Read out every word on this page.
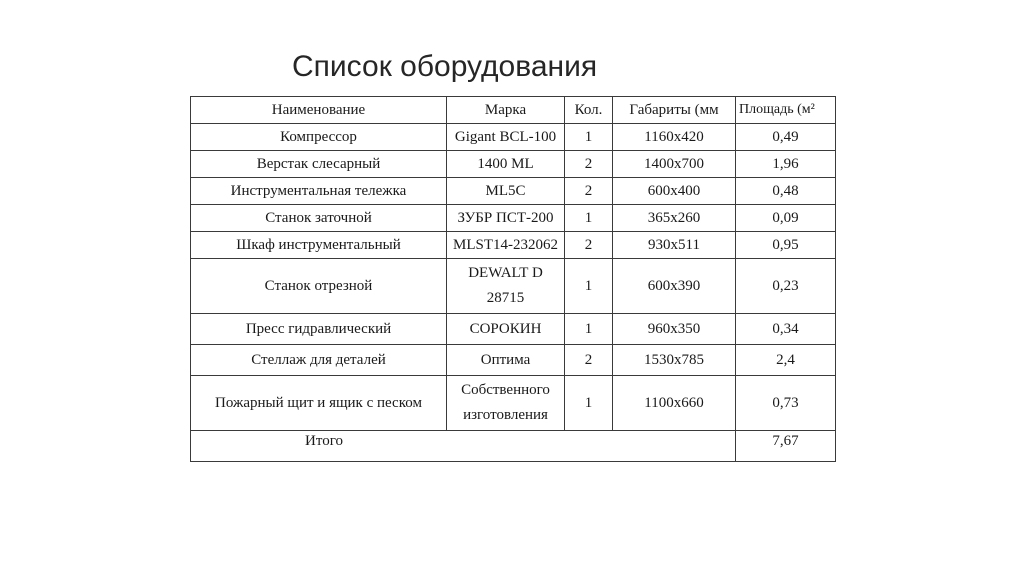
Список оборудования
Наименование	Марка	Кол.	Габариты (мм	Площадь (м²
Компрессор	Gigant BCL-100	1	1160х420	0,49
Верстак слесарный	1400 ML	2	1400х700	1,96
Инструментальная тележка	ML5C	2	600х400	0,48
Станок заточной	ЗУБР ПСТ-200	1	365х260	0,09
Шкаф инструментальный	MLST14-232062	2	930х511	0,95
Станок отрезной	DEWALT D 28715	1	600х390	0,23
Пресс гидравлический	СОРОКИН	1	960х350	0,34
Стеллаж для деталей	Оптима	2	1530х785	2,4
Пожарный щит и ящик с песком	Собственного изготовления	1	1100х660	0,73
Итого				7,67
